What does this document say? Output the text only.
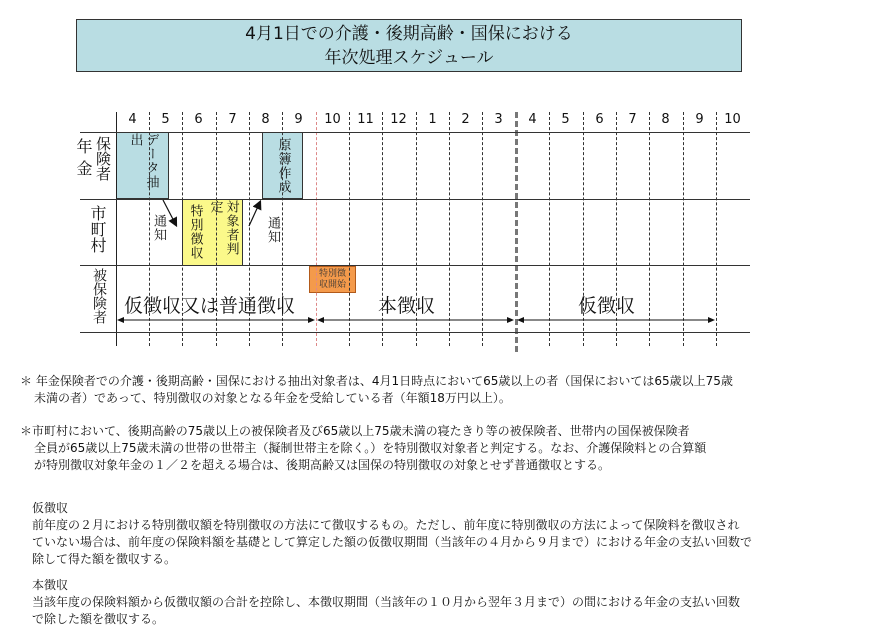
4月1日での介護・後期高齢・国保における
年次処理スケジュール
4	5	6	7	8	9	10	11	12	1	2	3	4	5	6	7	8	9	10
データ抽出
対象者判定
特別徴収
原簿作成
特別徴
収開始
年金 保険者
市町村
被保険者
通知	通知
仮徴収又は普通徴収	本徴収	仮徴収

＊ 年金保険者での介護・後期高齢・国保における抽出対象者は、4月1日時点において65歳以上の者（国保においては65歳以上75歳

未満の者）であって、特別徴収の対象となる年金を受給している者（年額18万円以上）。

＊市町村において、後期高齢の75歳以上の被保険者及び65歳以上75歳未満の寝たきり等の被保険者、世帯内の国保被保険者

全員が65歳以上75歳未満の世帯の世帯主（擬制世帯主を除く。）を特別徴収対象者と判定する。なお、介護保険料との合算額

が特別徴収対象年金の１／２を超える場合は、後期高齢又は国保の特別徴収の対象とせず普通徴収とする。

仮徴収

前年度の２月における特別徴収額を特別徴収の方法にて徴収するもの。ただし、前年度に特別徴収の方法によって保険料を徴収され

ていない場合は、前年度の保険料額を基礎として算定した額の仮徴収期間（当該年の４月から９月まで）における年金の支払い回数で

除して得た額を徴収する。

本徴収

当該年度の保険料額から仮徴収額の合計を控除し、本徴収期間（当該年の１０月から翌年３月まで）の間における年金の支払い回数

で除した額を徴収する。
